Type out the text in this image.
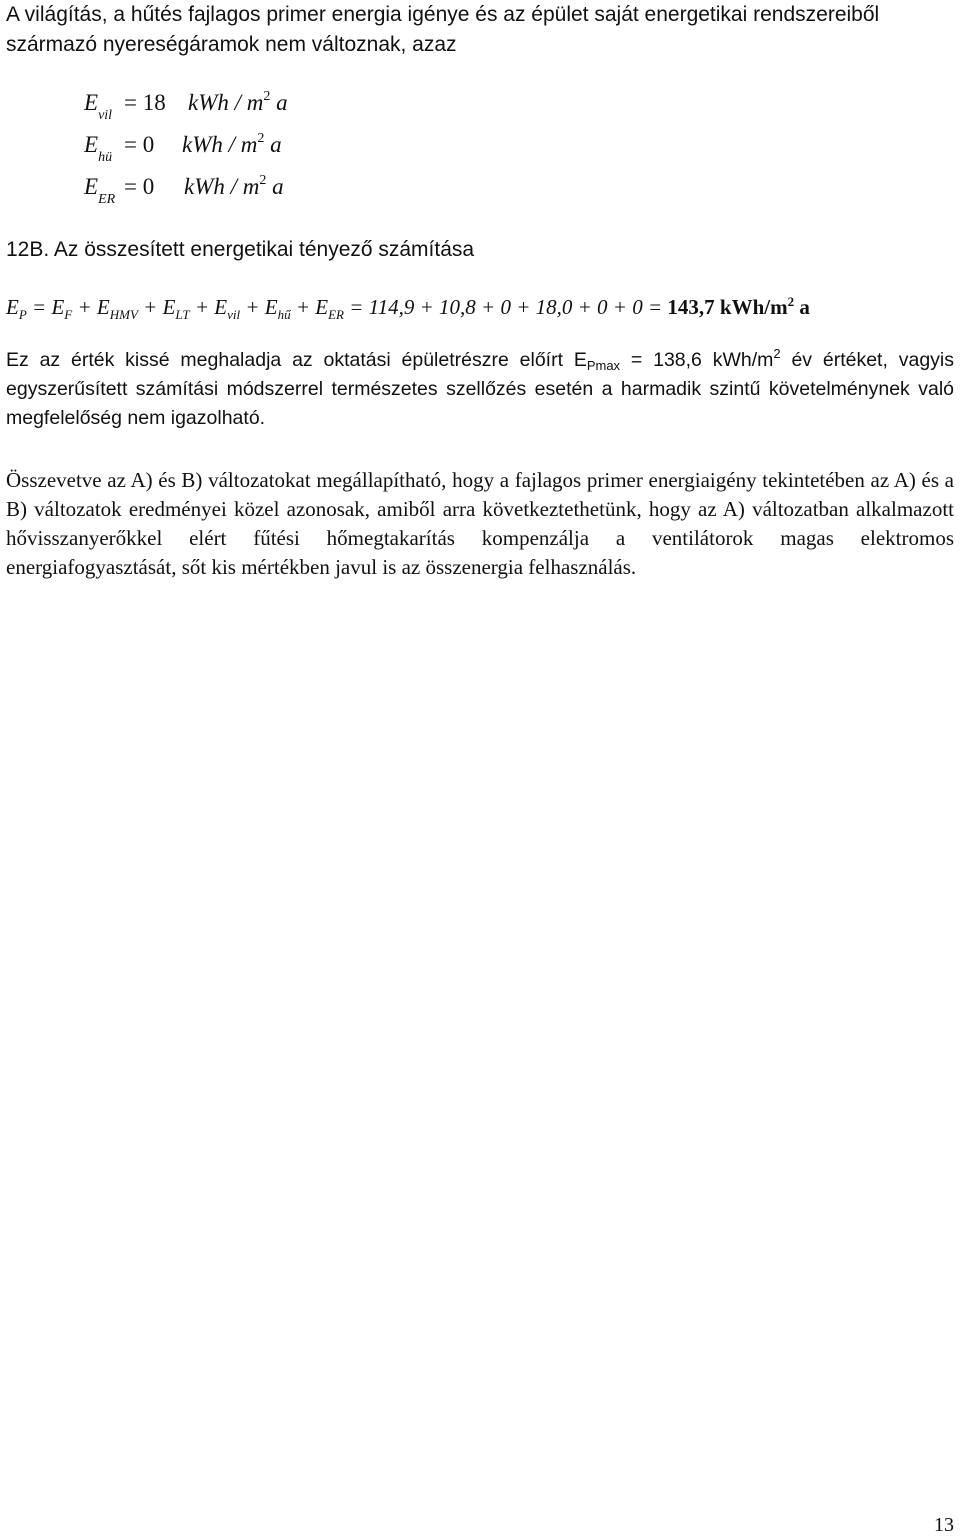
A világítás, a hűtés fajlagos primer energia igénye és az épület saját energetikai rendszereiből származó nyereségáramok nem változnak, azaz
$E_{vil}$
= 18 kWh / $m^2$ a
$E_{hü}$
= 0 kWh / $m^2$ a
$E_{ER}$
= 0 kWh / $m^2$ a
12B. Az összesített energetikai tényező számítása
$E_P = E_F + E_{HMV} + E_{LT} + E_{vil} + E_{hű} + E_{ER} = 114,9 + 10,8 + 0 + 18,0 + 0 + 0 = 143,7$ kWh/$m^2$ a
Ez az érték kissé meghaladja az oktatási épületrészre előírt $E_{Pmax} = 138,6$ kWh/$m^2$ év értéket, vagyis egyszerűsített számítási módszerrel természetes szellőzés esetén a harmadik szintű követelménynek való megfelelőség nem igazolható.
Összevetve az A) és B) változatokat megállapítható, hogy a fajlagos primer energiaigény tekintetében az A) és a B) változatok eredményei közel azonosak, amiből arra következtethetünk, hogy az A) változatban alkalmazott hővisszanyerőkkel elért fűtési hőmegtakarítás kompenzálja a ventilátorok magas elektromos energiafogyasztását, sőt kis mértékben javul is az összenergia felhasználás.
13
